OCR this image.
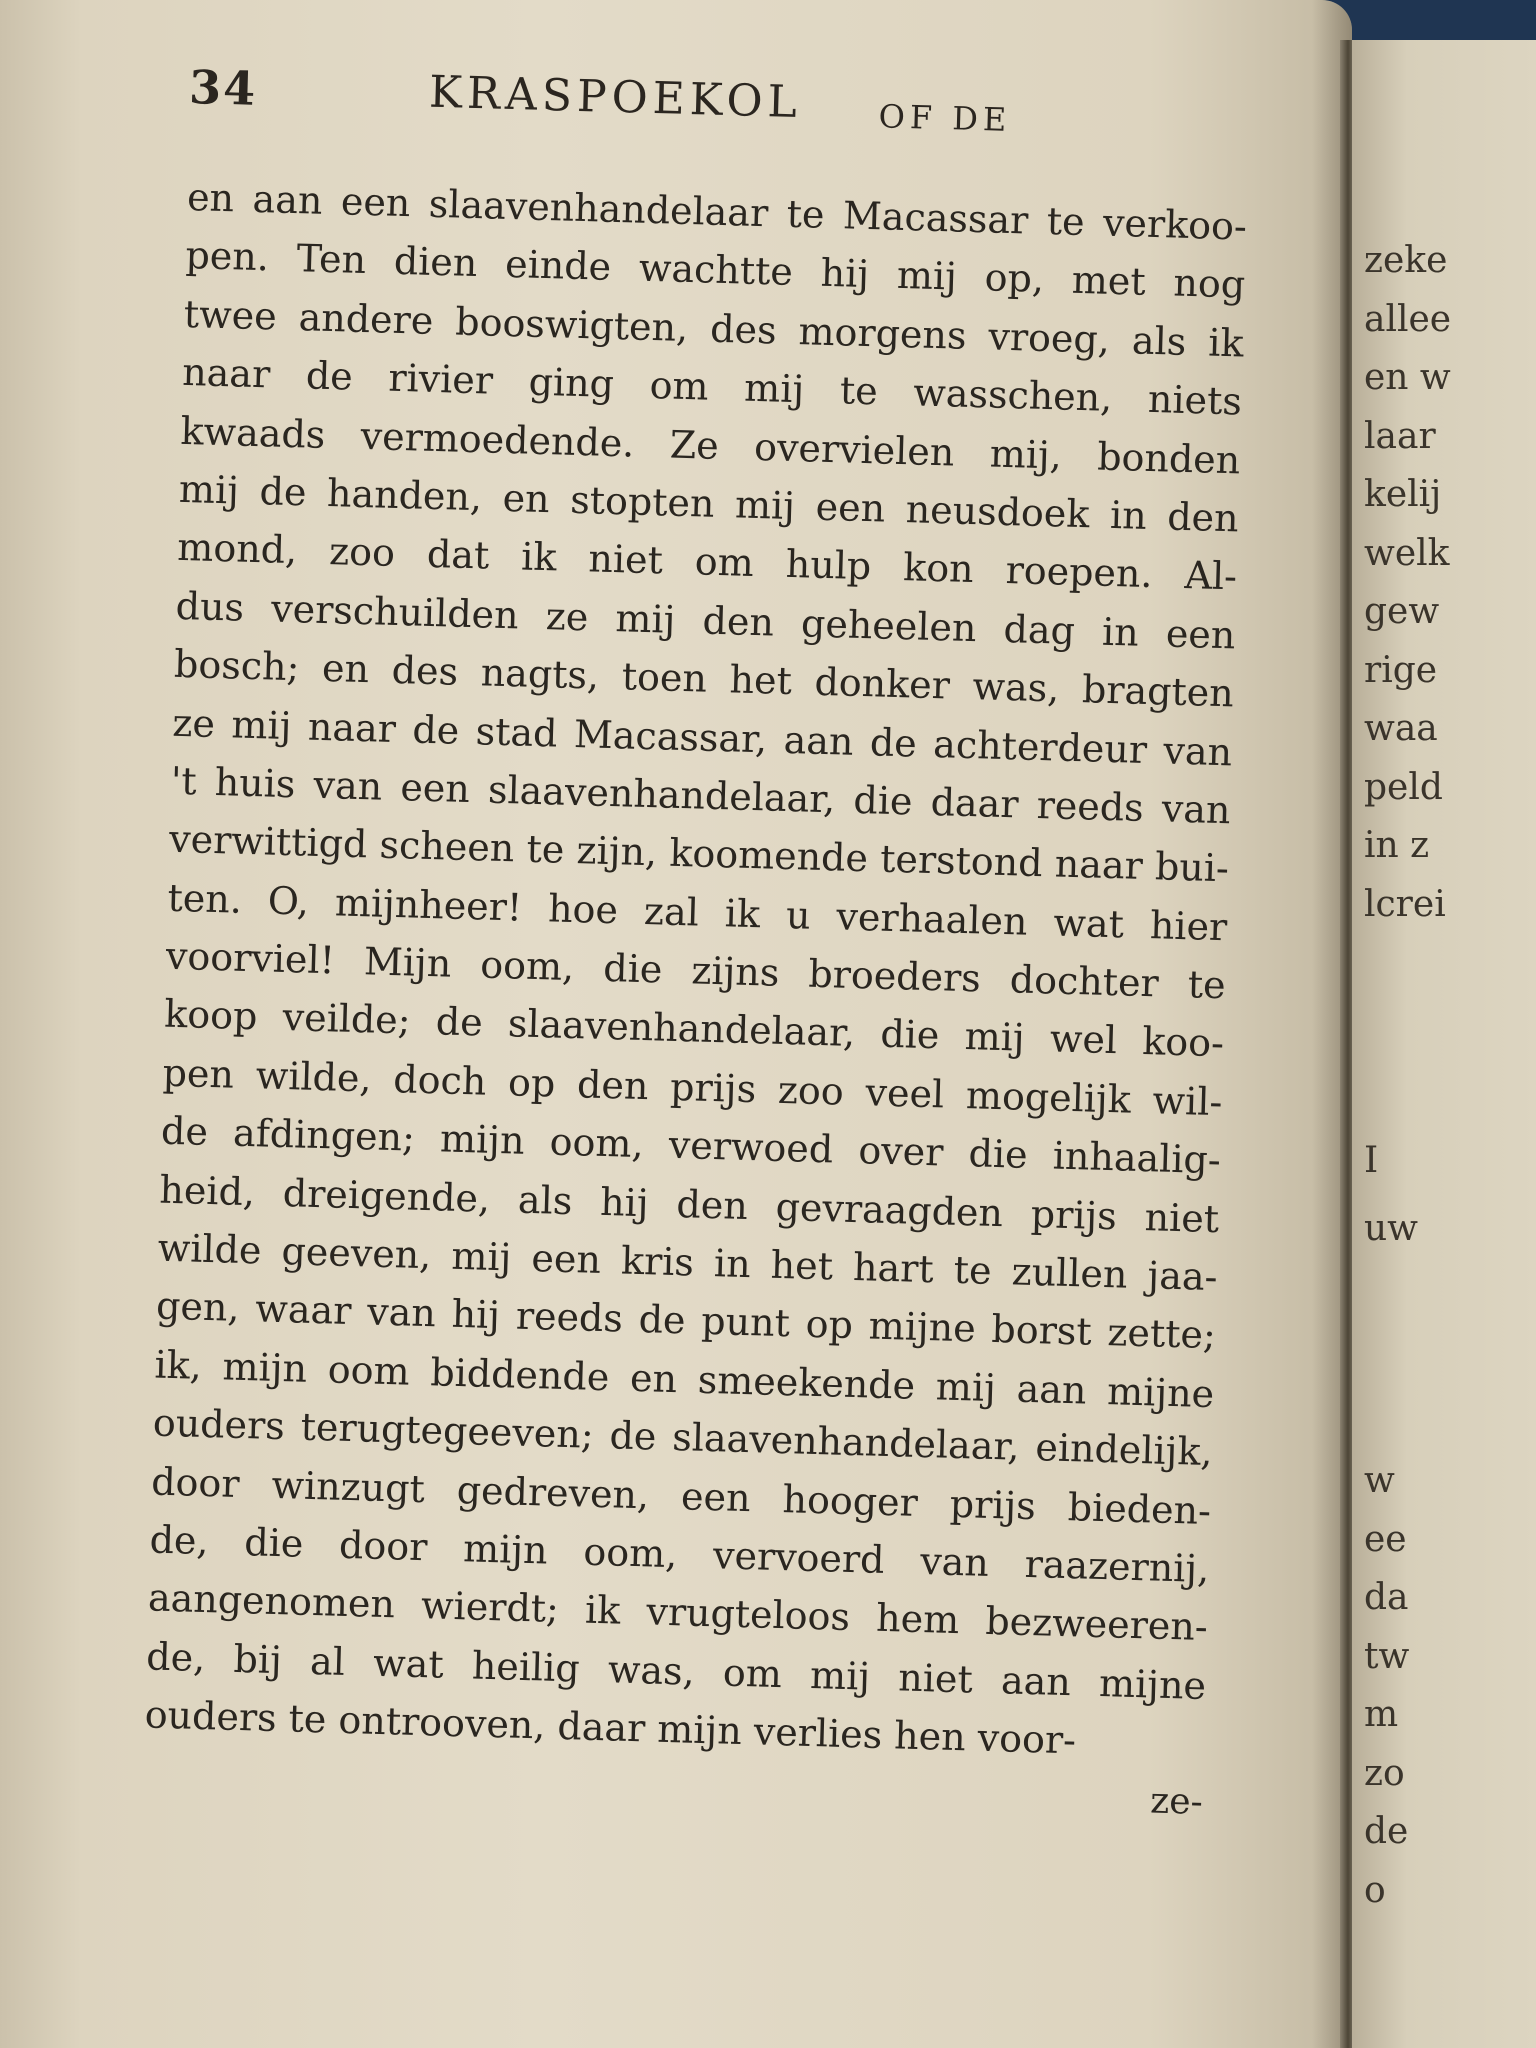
34	KRASPOEKOL OF DE
en aan een slaavenhandelaar te Macassar te verkoo-
pen. Ten dien einde wachtte hij mij op, met nog
twee andere booswigten, des morgens vroeg, als ik
naar de rivier ging om mij te wasschen, niets
kwaads vermoedende. Ze overvielen mij, bonden
mij de handen, en stopten mij een neusdoek in den
mond, zoo dat ik niet om hulp kon roepen. Al-
dus verschuilden ze mij den geheelen dag in een
bosch; en des nagts, toen het donker was, bragten
ze mij naar de stad Macassar, aan de achterdeur van
't huis van een slaavenhandelaar, die daar reeds van
verwittigd scheen te zijn, koomende terstond naar bui-
ten. O, mijnheer! hoe zal ik u verhaalen wat hier
voorviel! Mijn oom, die zijns broeders dochter te
koop veilde; de slaavenhandelaar, die mij wel koo-
pen wilde, doch op den prijs zoo veel mogelijk wil-
de afdingen; mijn oom, verwoed over die inhaalig-
heid, dreigende, als hij den gevraagden prijs niet
wilde geeven, mij een kris in het hart te zullen jaa-
gen, waar van hij reeds de punt op mijne borst zette;
ik, mijn oom biddende en smeekende mij aan mijne
ouders terugtegeeven; de slaavenhandelaar, eindelijk,
door winzugt gedreven, een hooger prijs bieden-
de, die door mijn oom, vervoerd van raazernij,
aangenomen wierdt; ik vrugteloos hem bezweeren-
de, bij al wat heilig was, om mij niet aan mijne
ouders te ontrooven, daar mijn verlies hen voor-
ze-
zeke
allee
en w
laar
kelij
welk
gew
rige
waa
peld
in z
lcrei
I
uw
w
ee
da
tw
m
zo
de
o
